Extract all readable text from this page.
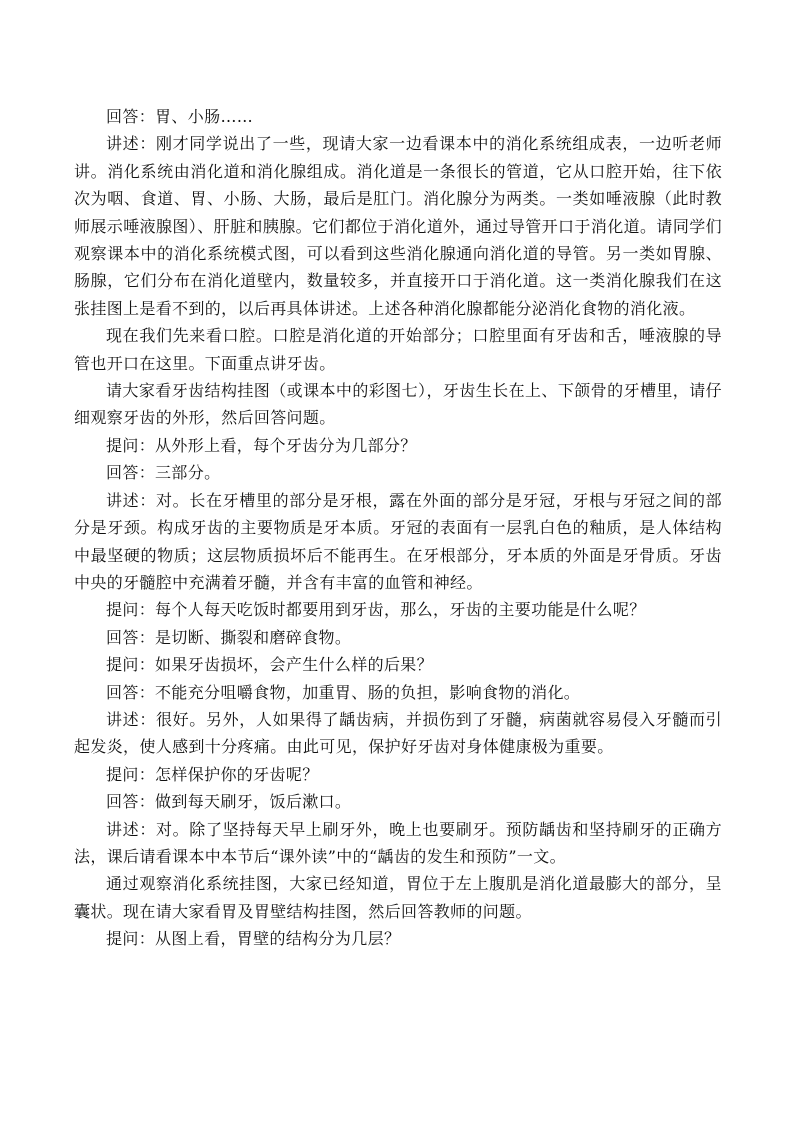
回答：胃、小肠……

讲述：刚才同学说出了一些，现请大家一边看课本中的消化系统组成表，一边听老师讲。消化系统由消化道和消化腺组成。消化道是一条很长的管道，它从口腔开始，往下依次为咽、食道、胃、小肠、大肠，最后是肛门。消化腺分为两类。一类如唾液腺（此时教师展示唾液腺图）、肝脏和胰腺。它们都位于消化道外，通过导管开口于消化道。请同学们观察课本中的消化系统模式图，可以看到这些消化腺通向消化道的导管。另一类如胃腺、肠腺，它们分布在消化道壁内，数量较多，并直接开口于消化道。这一类消化腺我们在这张挂图上是看不到的，以后再具体讲述。上述各种消化腺都能分泌消化食物的消化液。

现在我们先来看口腔。口腔是消化道的开始部分；口腔里面有牙齿和舌，唾液腺的导管也开口在这里。下面重点讲牙齿。

请大家看牙齿结构挂图（或课本中的彩图七），牙齿生长在上、下颌骨的牙槽里，请仔细观察牙齿的外形，然后回答问题。

提问：从外形上看，每个牙齿分为几部分？

回答：三部分。

讲述：对。长在牙槽里的部分是牙根，露在外面的部分是牙冠，牙根与牙冠之间的部分是牙颈。构成牙齿的主要物质是牙本质。牙冠的表面有一层乳白色的釉质，是人体结构中最坚硬的物质；这层物质损坏后不能再生。在牙根部分，牙本质的外面是牙骨质。牙齿中央的牙髓腔中充满着牙髓，并含有丰富的血管和神经。

提问：每个人每天吃饭时都要用到牙齿，那么，牙齿的主要功能是什么呢？

回答：是切断、撕裂和磨碎食物。

提问：如果牙齿损坏，会产生什么样的后果？

回答：不能充分咀嚼食物，加重胃、肠的负担，影响食物的消化。

讲述：很好。另外，人如果得了龋齿病，并损伤到了牙髓，病菌就容易侵入牙髓而引起发炎，使人感到十分疼痛。由此可见，保护好牙齿对身体健康极为重要。

提问：怎样保护你的牙齿呢？

回答：做到每天刷牙，饭后漱口。

讲述：对。除了坚持每天早上刷牙外，晚上也要刷牙。预防龋齿和坚持刷牙的正确方法，课后请看课本中本节后“课外读”中的“龋齿的发生和预防”一文。

通过观察消化系统挂图，大家已经知道，胃位于左上腹肌是消化道最膨大的部分，呈囊状。现在请大家看胃及胃壁结构挂图，然后回答教师的问题。

提问：从图上看，胃壁的结构分为几层？
